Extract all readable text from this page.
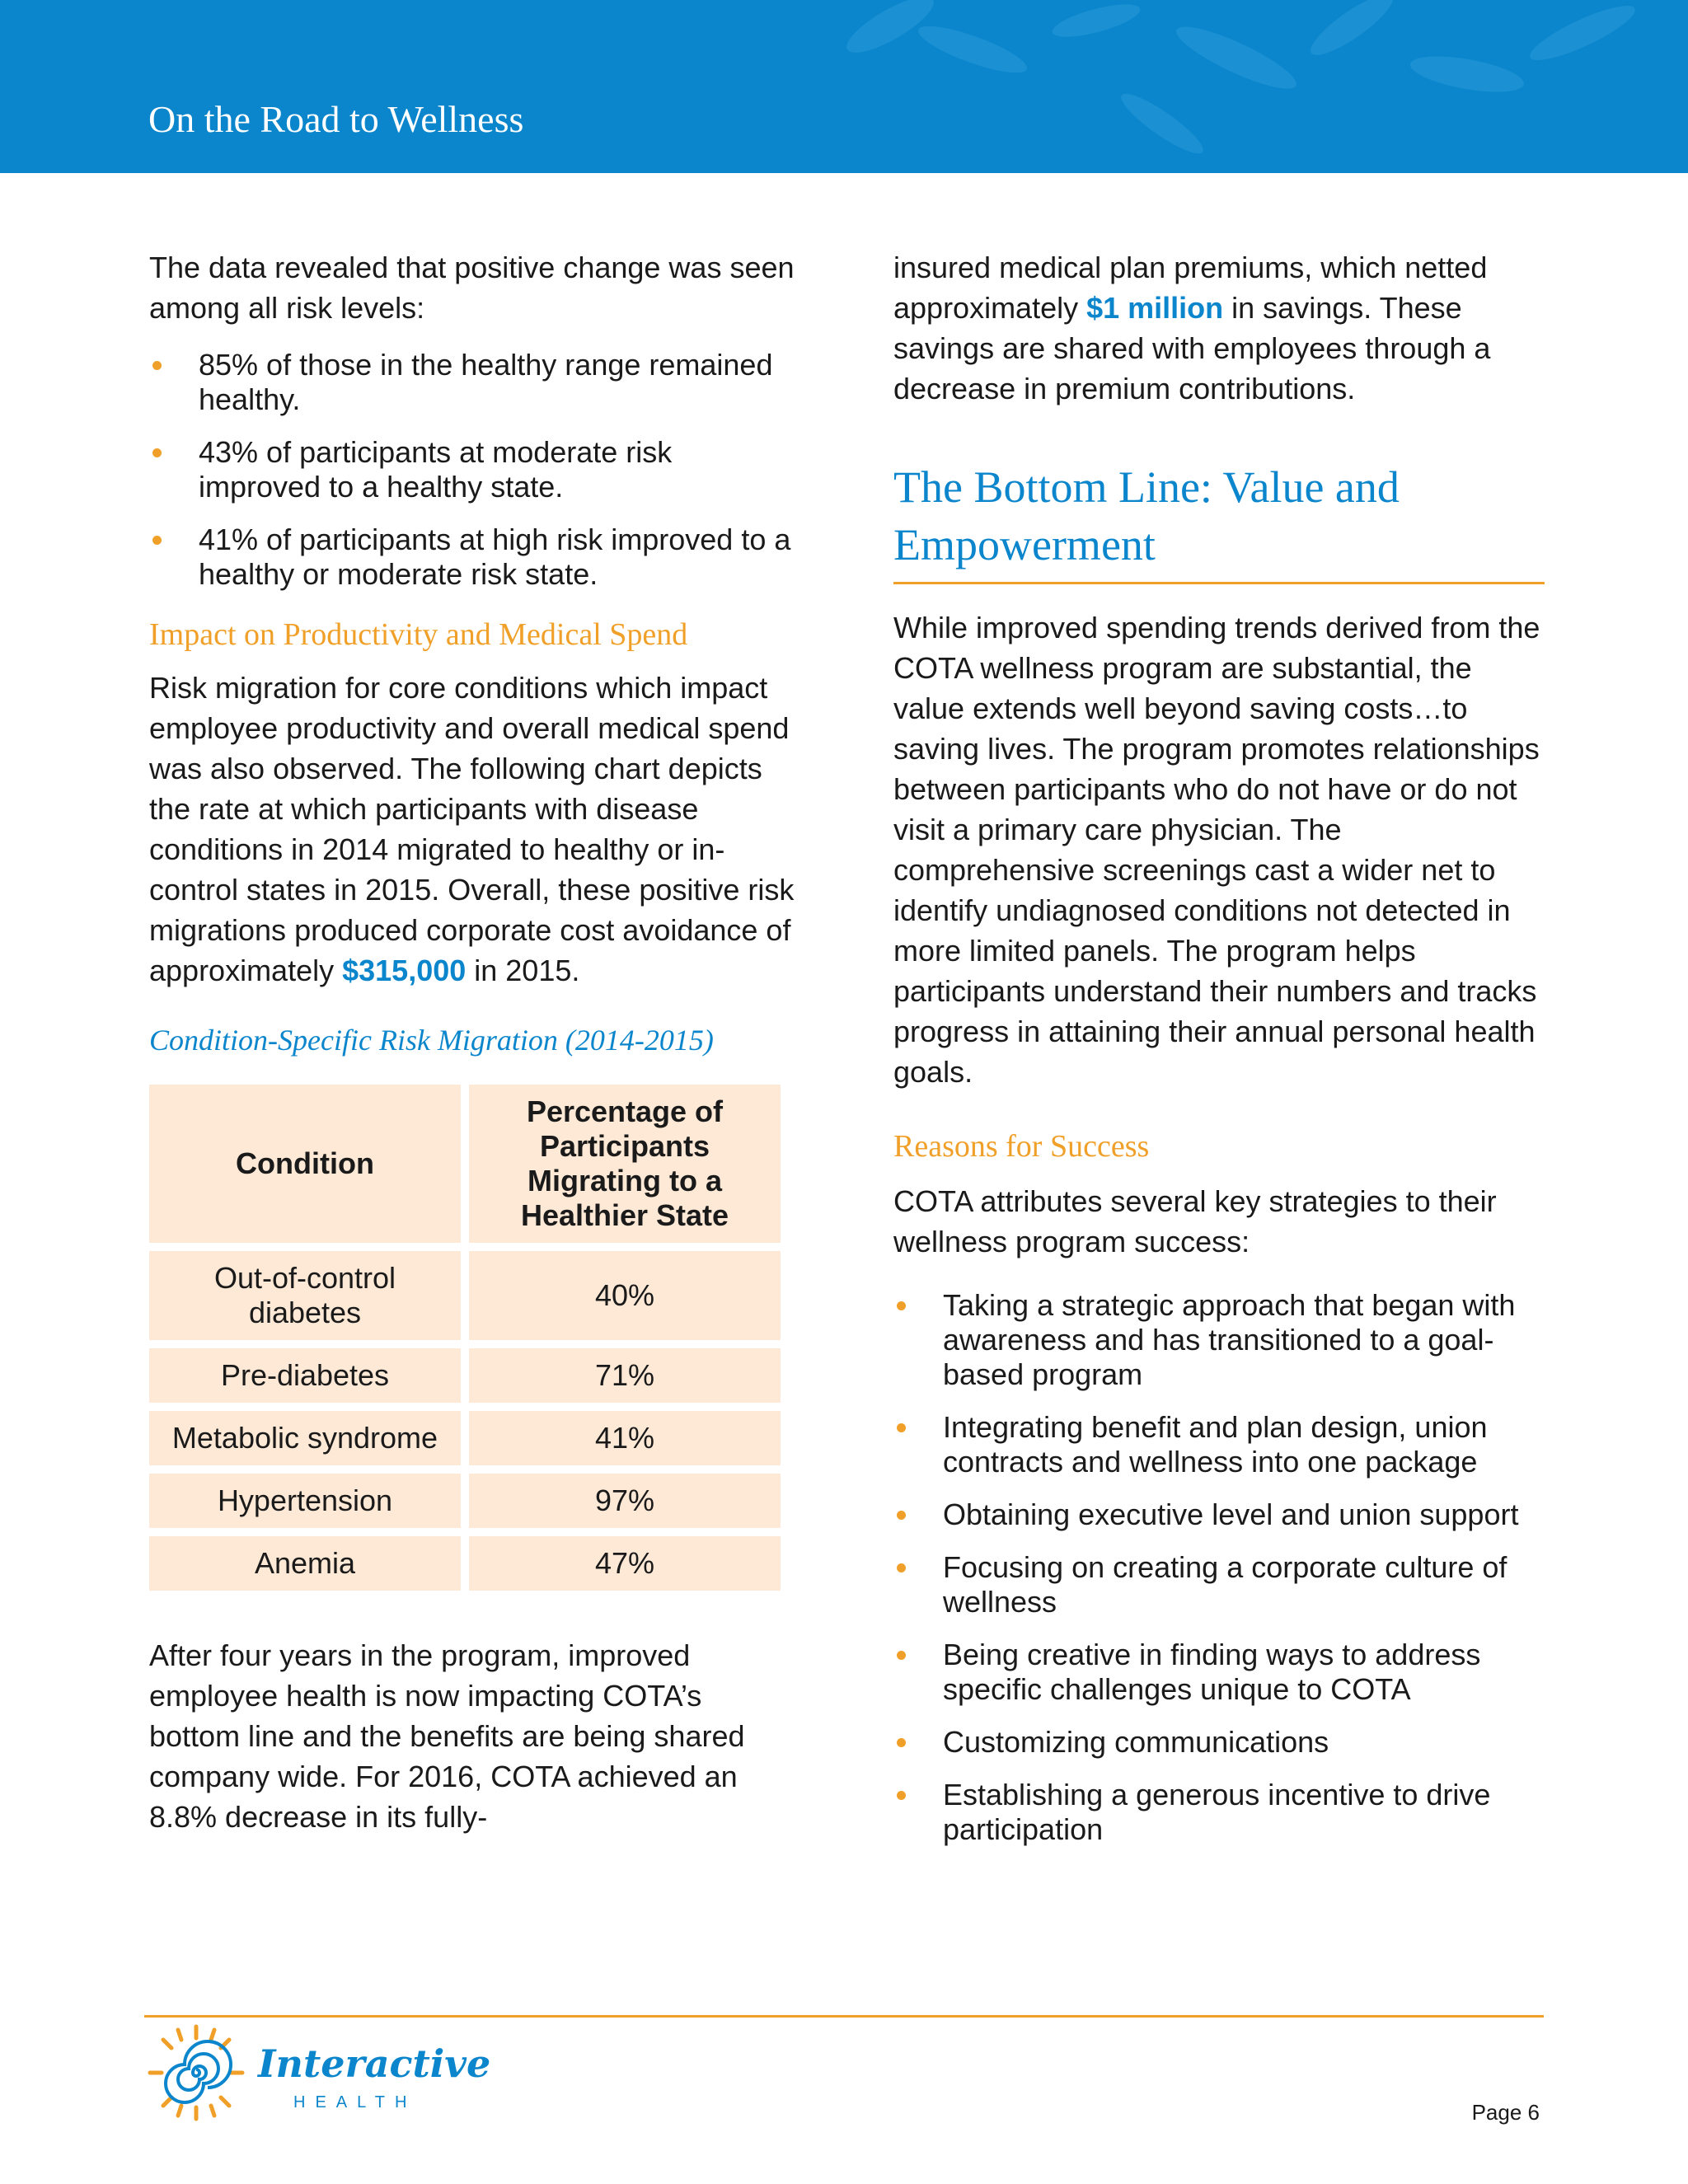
On the Road to Wellness

The data revealed that positive change was seen among all risk levels:

85% of those in the healthy range remained healthy.
43% of participants at moderate risk improved to a healthy state.
41% of participants at high risk improved to a healthy or moderate risk state.
Impact on Productivity and Medical Spend

Risk migration for core conditions which impact employee productivity and overall medical spend was also observed. The following chart depicts the rate at which participants with disease conditions in 2014 migrated to healthy or in-control states in 2015. Overall, these positive risk migrations produced corporate cost avoidance of approximately $315,000 in 2015.

Condition-Specific Risk Migration (2014-2015)
Condition	Percentage of Participants Migrating to a Healthier State
Out-of-control diabetes	40%
Pre-diabetes	71%
Metabolic syndrome	41%
Hypertension	97%
Anemia	47%

After four years in the program, improved employee health is now impacting COTA’s bottom line and the benefits are being shared company wide. For 2016, COTA achieved an 8.8% decrease in its fully-

insured medical plan premiums, which netted approximately $1 million in savings. These savings are shared with employees through a decrease in premium contributions.

The Bottom Line: Value and Empowerment

While improved spending trends derived from the COTA wellness program are substantial, the value extends well beyond saving costs…to saving lives. The program promotes relationships between participants who do not have or do not visit a primary care physician. The comprehensive screenings cast a wider net to identify undiagnosed conditions not detected in more limited panels. The program helps participants understand their numbers and tracks progress in attaining their annual personal health goals.

Reasons for Success

COTA attributes several key strategies to their wellness program success:

Taking a strategic approach that began with awareness and has transitioned to a goal-based program
Integrating benefit and plan design, union contracts and wellness into one package
Obtaining executive level and union support
Focusing on creating a corporate culture of wellness
Being creative in finding ways to address specific challenges unique to COTA
Customizing communications
Establishing a generous incentive to drive participation
Interactive
HEALTH	Page 6
